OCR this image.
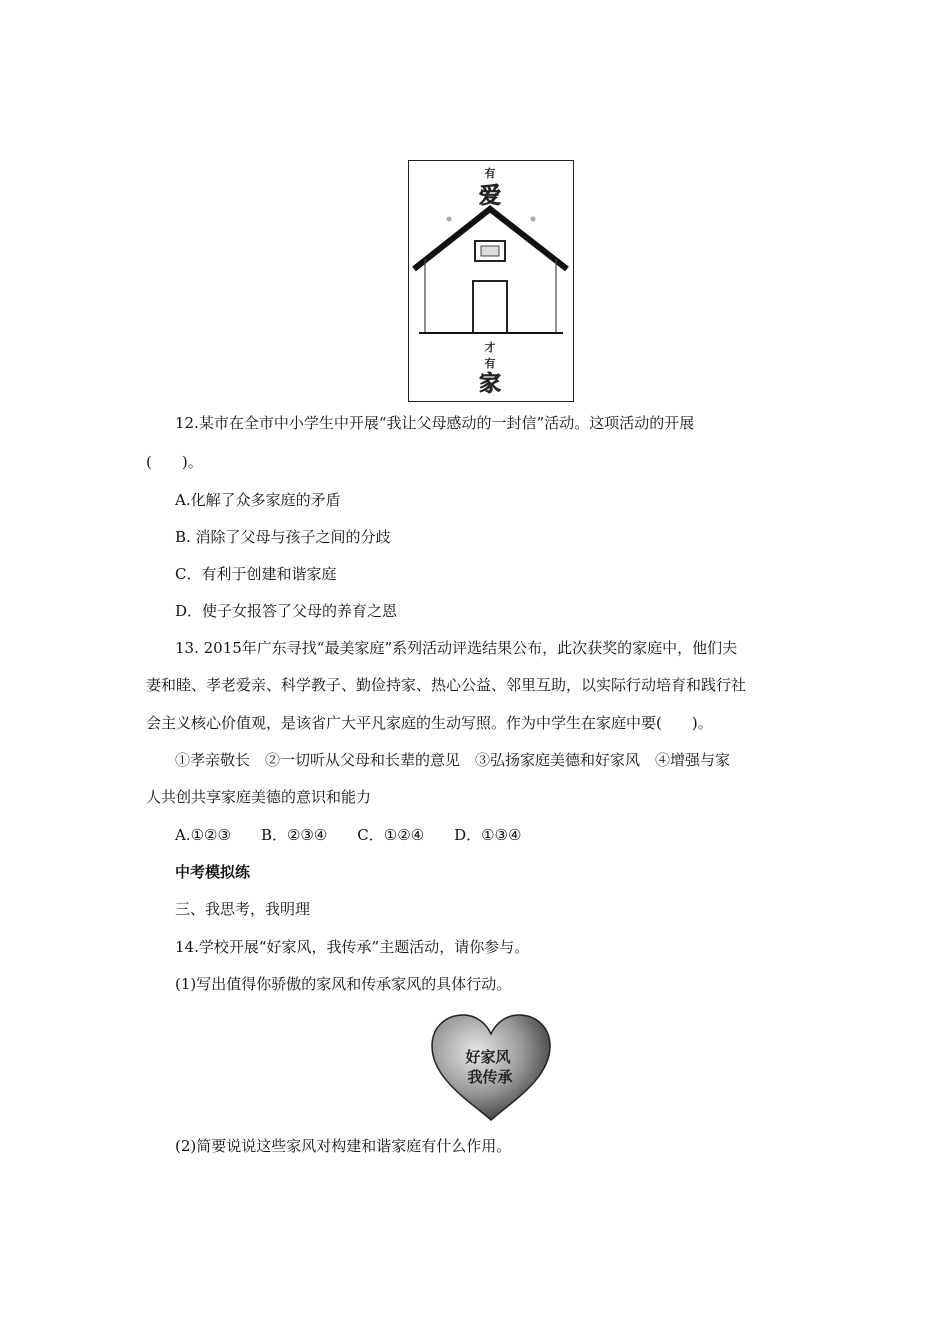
有
爱
才
有
家
12.某市在全市中小学生中开展“我让父母感动的一封信”活动。这项活动的开展
(　　)。
A.化解了众多家庭的矛盾
B. 消除了父母与孩子之间的分歧
C．有利于创建和谐家庭
D．使子女报答了父母的养育之恩
13. 2015年广东寻找“最美家庭”系列活动评选结果公布，此次获奖的家庭中，他们夫
妻和睦、孝老爱亲、科学教子、勤俭持家、热心公益、邻里互助，以实际行动培育和践行社
会主义核心价值观，是该省广大平凡家庭的生动写照。作为中学生在家庭中要(　　)。
①孝亲敬长　②一切听从父母和长辈的意见　③弘扬家庭美德和好家风　④增强与家
人共创共享家庭美德的意识和能力
A.①②③　　B．②③④　　C．①②④　　D．①③④
中考模拟练
三、我思考，我明理
14.学校开展“好家风，我传承”主题活动，请你参与。
(1)写出值得你骄傲的家风和传承家风的具体行动。
好家风
我传承
(2)简要说说这些家风对构建和谐家庭有什么作用。
